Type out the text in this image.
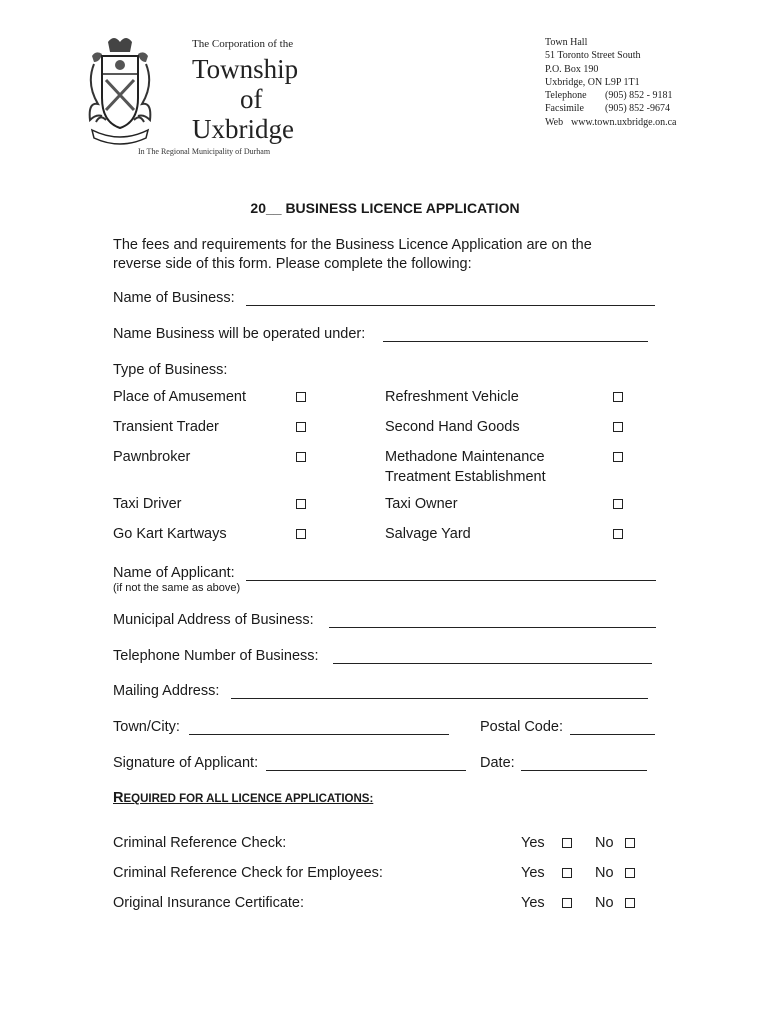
The Corporation of the
Township
of
Uxbridge
In The Regional Municipality of Durham
Town Hall
51 Toronto Street South
P.O. Box 190
Uxbridge, ON L9P 1T1
Telephone (905) 852 - 9181
Facsimile (905) 852 -9674
Web www.town.uxbridge.on.ca
20__ BUSINESS LICENCE APPLICATION
The fees and requirements for the Business Licence Application are on the
reverse side of this form. Please complete the following:
Name of Business:
Name Business will be operated under:
Type of Business:
Place of Amusement	Refreshment Vehicle
Transient Trader	Second Hand Goods
Pawnbroker	Methadone Maintenance
Treatment Establishment
Taxi Driver	Taxi Owner
Go Kart Kartways	Salvage Yard
Name of Applicant:
(if not the same as above)
Municipal Address of Business:
Telephone Number of Business:
Mailing Address:
Town/City:	Postal Code:
Signature of Applicant:	Date:
REQUIRED FOR ALL LICENCE APPLICATIONS:
Criminal Reference Check:	Yes	No
Criminal Reference Check for Employees:	Yes	No
Original Insurance Certificate:	Yes	No
